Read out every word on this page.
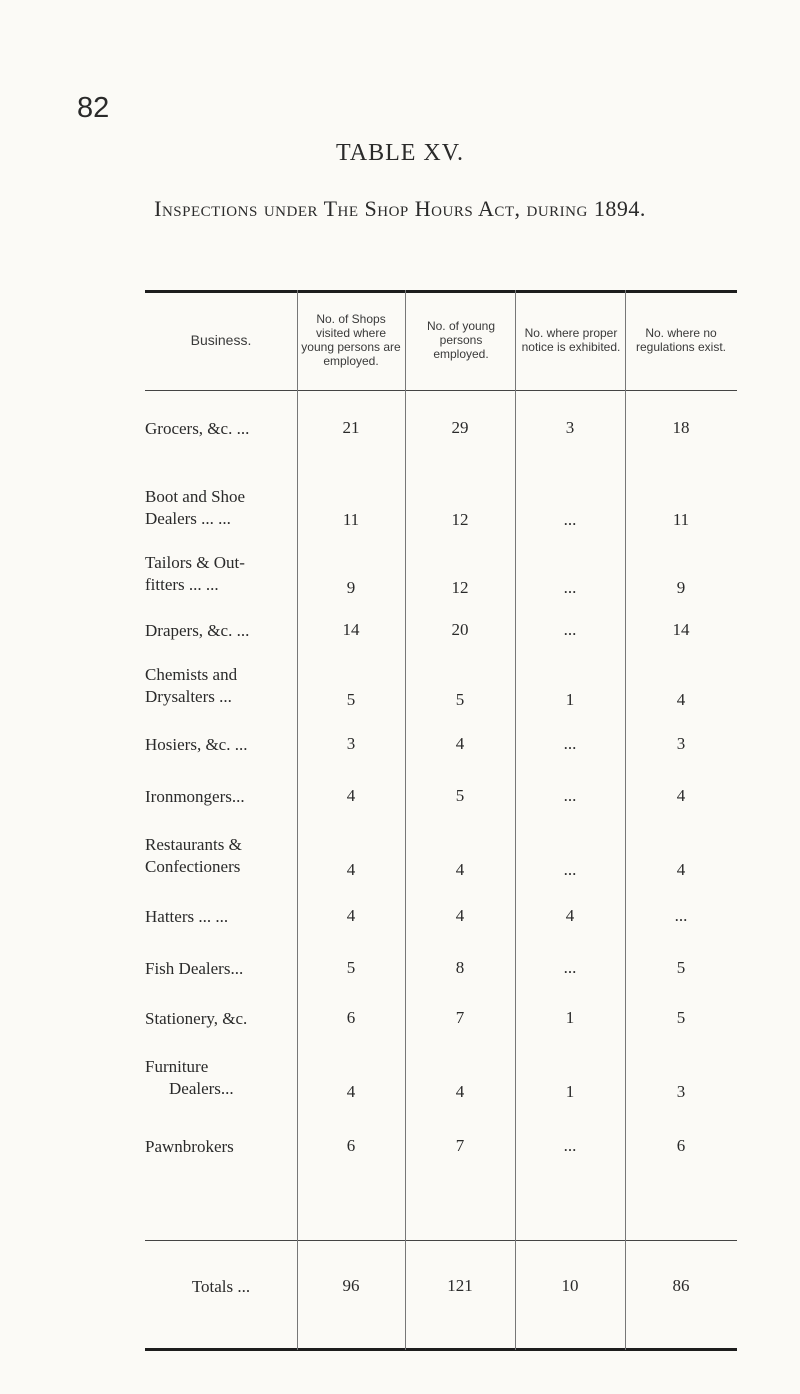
82
TABLE XV.
Inspections under The Shop Hours Act, during 1894.
Business.
No. of Shops visited where young persons are employed.
No. of young persons employed.
No. where proper notice is exhibited.
No. where no regulations exist.
Grocers, &c. ...	21	29	3	18
Boot and Shoe
Dealers ... ...	11	12	...	11
Tailors & Out-
fitters ... ...	9	12	...	9
Drapers, &c. ...	14	20	...	14
Chemists and
Drysalters ...	5	5	1	4
Hosiers, &c. ...	3	4	...	3
Ironmongers...	4	5	...	4
Restaurants &
Confectioners	4	4	...	4
Hatters ... ...	4	4	4	...
Fish Dealers...	5	8	...	5
Stationery, &c.	6	7	1	5
Furniture
Dealers...	4	4	1	3
Pawnbrokers	6	7	...	6
Totals ...	96	121	10	86
